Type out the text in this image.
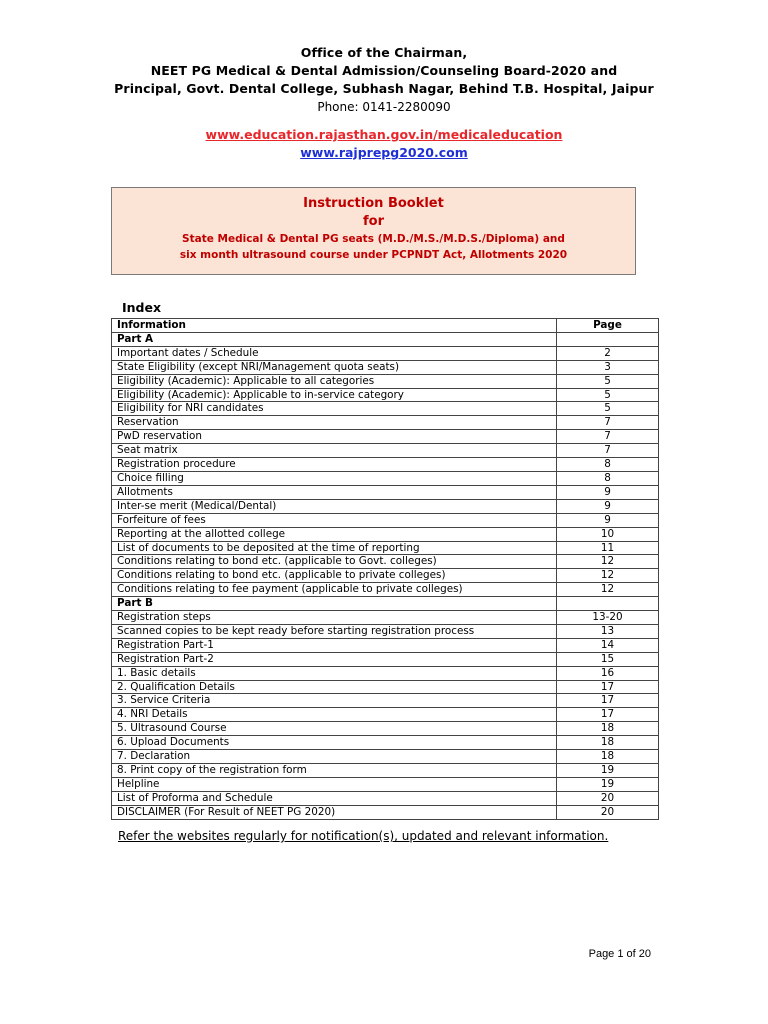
Office of the Chairman,
NEET PG Medical & Dental Admission/Counseling Board-2020 and
Principal, Govt. Dental College, Subhash Nagar, Behind T.B. Hospital, Jaipur
Phone: 0141-2280090
www.education.rajasthan.gov.in/medicaleducation
www.rajprepg2020.com
Instruction Booklet
for
State Medical & Dental PG seats (M.D./M.S./M.D.S./Diploma) and
six month ultrasound course under PCPNDT Act, Allotments 2020
Index
Information	Page
Part A	
Important dates / Schedule	2
State Eligibility (except NRI/Management quota seats)	3
Eligibility (Academic): Applicable to all categories	5
Eligibility (Academic): Applicable to in-service category	5
Eligibility for NRI candidates	5
Reservation	7
PwD reservation	7
Seat matrix	7
Registration procedure	8
Choice filling	8
Allotments	9
Inter-se merit (Medical/Dental)	9
Forfeiture of fees	9
Reporting at the allotted college	10
List of documents to be deposited at the time of reporting	11
Conditions relating to bond etc. (applicable to Govt. colleges)	12
Conditions relating to bond etc. (applicable to private colleges)	12
Conditions relating to fee payment (applicable to private colleges)	12
Part B	
Registration steps	13-20
Scanned copies to be kept ready before starting registration process	13
Registration Part-1	14
Registration Part-2	15
1. Basic details	16
2. Qualification Details	17
3. Service Criteria	17
4. NRI Details	17
5. Ultrasound Course	18
6. Upload Documents	18
7. Declaration	18
8. Print copy of the registration form	19
Helpline	19
List of Proforma and Schedule	20
DISCLAIMER (For Result of NEET PG 2020)	20
Refer the websites regularly for notification(s), updated and relevant information.
Page 1 of 20
